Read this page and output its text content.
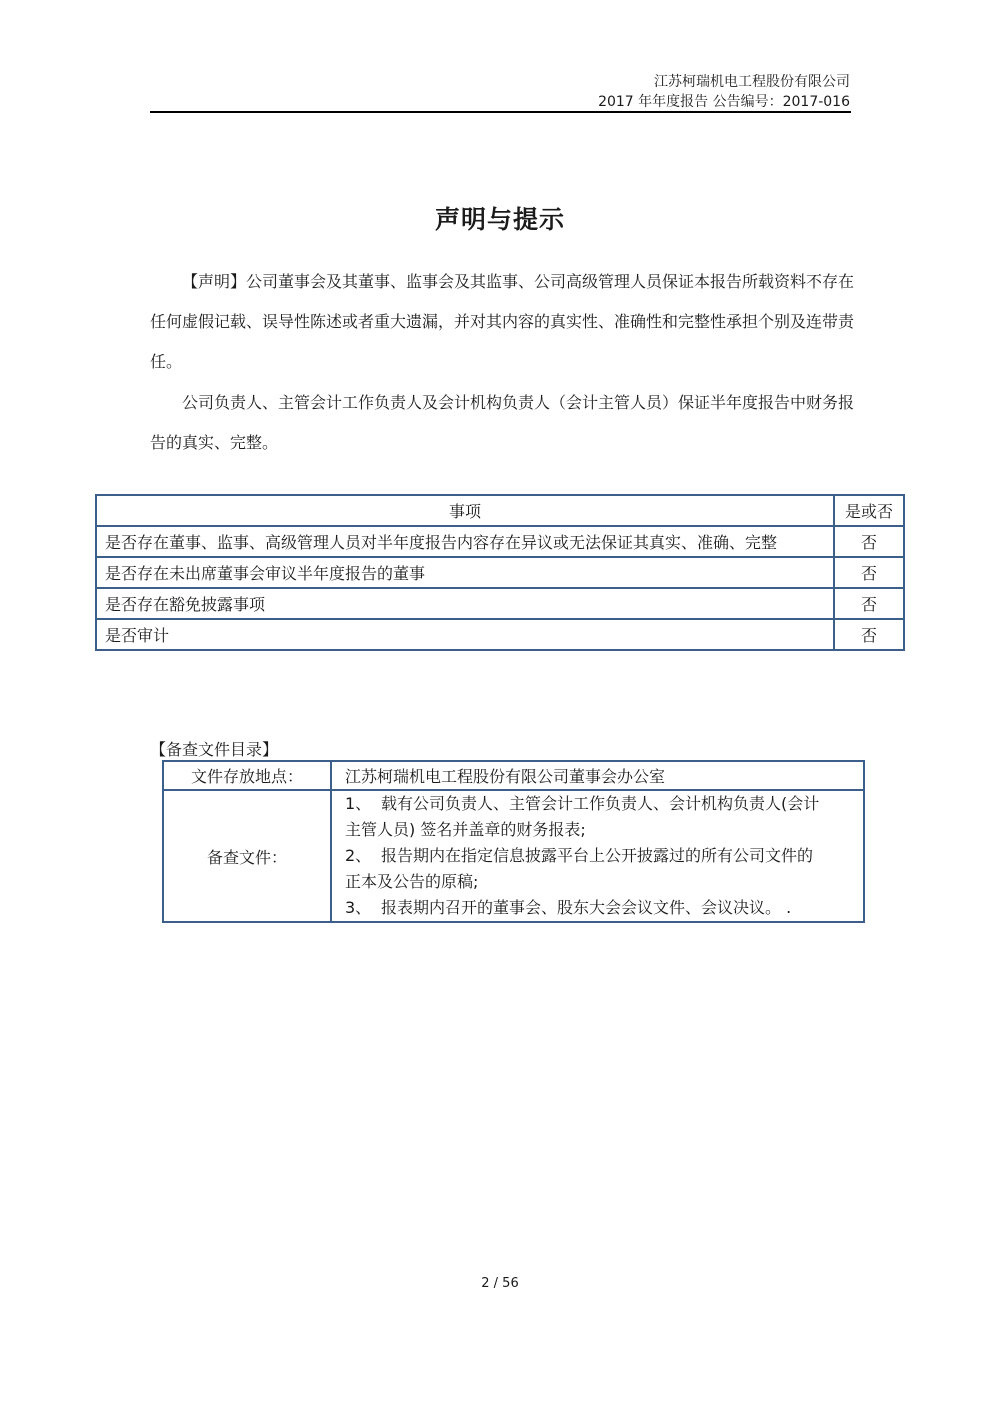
江苏柯瑞机电工程股份有限公司
2017 年年度报告 公告编号：2017-016
声明与提示

【声明】公司董事会及其董事、监事会及其监事、公司高级管理人员保证本报告所载资料不存在任何虚假记载、误导性陈述或者重大遗漏，并对其内容的真实性、准确性和完整性承担个别及连带责任。

公司负责人、主管会计工作负责人及会计机构负责人（会计主管人员）保证半年度报告中财务报告的真实、完整。

事项	是或否
是否存在董事、监事、高级管理人员对半年度报告内容存在异议或无法保证其真实、准确、完整	否
是否存在未出席董事会审议半年度报告的董事	否
是否存在豁免披露事项	否
是否审计	否
【备查文件目录】
文件存放地点：	江苏柯瑞机电工程股份有限公司董事会办公室
备查文件：	1、 载有公司负责人、主管会计工作负责人、会计机构负责人(会计
主管人员) 签名并盖章的财务报表;
2、 报告期内在指定信息披露平台上公开披露过的所有公司文件的
正本及公告的原稿;
3、 报表期内召开的董事会、股东大会会议文件、会议决议。 .
2 / 56
